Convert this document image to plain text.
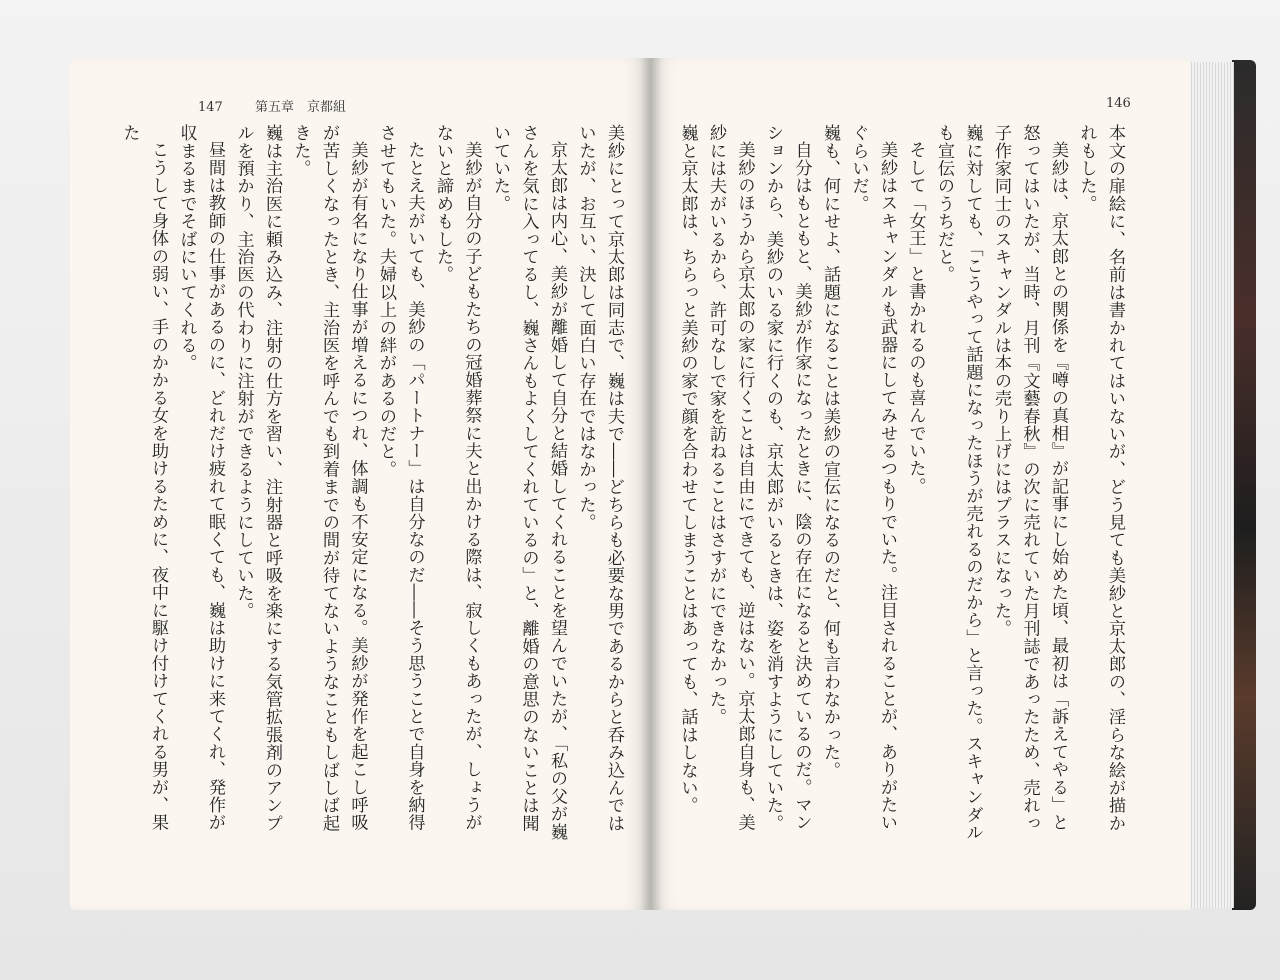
147 第五章　京都組	146

本文の扉絵に、名前は書かれてはいないが、どう見ても美紗と京太郎の、淫らな絵が描かれもした。

美紗は、京太郎との関係を『噂の真相』が記事にし始めた頃、最初は「訴えてやる」と怒ってはいたが、当時、月刊『文藝春秋』の次に売れていた月刊誌であったため、売れっ子作家同士のスキャンダルは本の売り上げにはプラスになった。

巍に対しても、「こうやって話題になったほうが売れるのだから」と言った。スキャンダルも宣伝のうちだと。

そして「女王」と書かれるのも喜んでいた。

美紗はスキャンダルも武器にしてみせるつもりでいた。注目されることが、ありがたいぐらいだ。

巍も、何にせよ、話題になることは美紗の宣伝になるのだと、何も言わなかった。

自分はもともと、美紗が作家になったときに、陰の存在になると決めているのだ。マンションから、美紗のいる家に行くのも、京太郎がいるときは、姿を消すようにしていた。

美紗のほうから京太郎の家に行くことは自由にできても、逆はない。京太郎自身も、美紗には夫がいるから、許可なしで家を訪ねることはさすがにできなかった。

巍と京太郎は、ちらっと美紗の家で顔を合わせてしまうことはあっても、話はしない。

美紗にとって京太郎は同志で、巍は夫で――どちらも必要な男であるからと呑み込んではいたが、お互い、決して面白い存在ではなかった。

京太郎は内心、美紗が離婚して自分と結婚してくれることを望んでいたが、「私の父が巍さんを気に入ってるし、巍さんもよくしてくれているの」と、離婚の意思のないことは聞いていた。

美紗が自分の子どもたちの冠婚葬祭に夫と出かける際は、寂しくもあったが、しょうがないと諦めもした。

たとえ夫がいても、美紗の「パートナー」は自分なのだ――そう思うことで自身を納得させてもいた。夫婦以上の絆があるのだと。

美紗が有名になり仕事が増えるにつれ、体調も不安定になる。美紗が発作を起こし呼吸が苦しくなったとき、主治医を呼んでも到着までの間が待てないようなこともしばしば起きた。

巍は主治医に頼み込み、注射の仕方を習い、注射器と呼吸を楽にする気管拡張剤のアンプルを預かり、主治医の代わりに注射ができるようにしていた。

昼間は教師の仕事があるのに、どれだけ疲れて眠くても、巍は助けに来てくれ、発作が収まるまでそばにいてくれる。

こうして身体の弱い、手のかかる女を助けるために、夜中に駆け付けてくれる男が、果た
